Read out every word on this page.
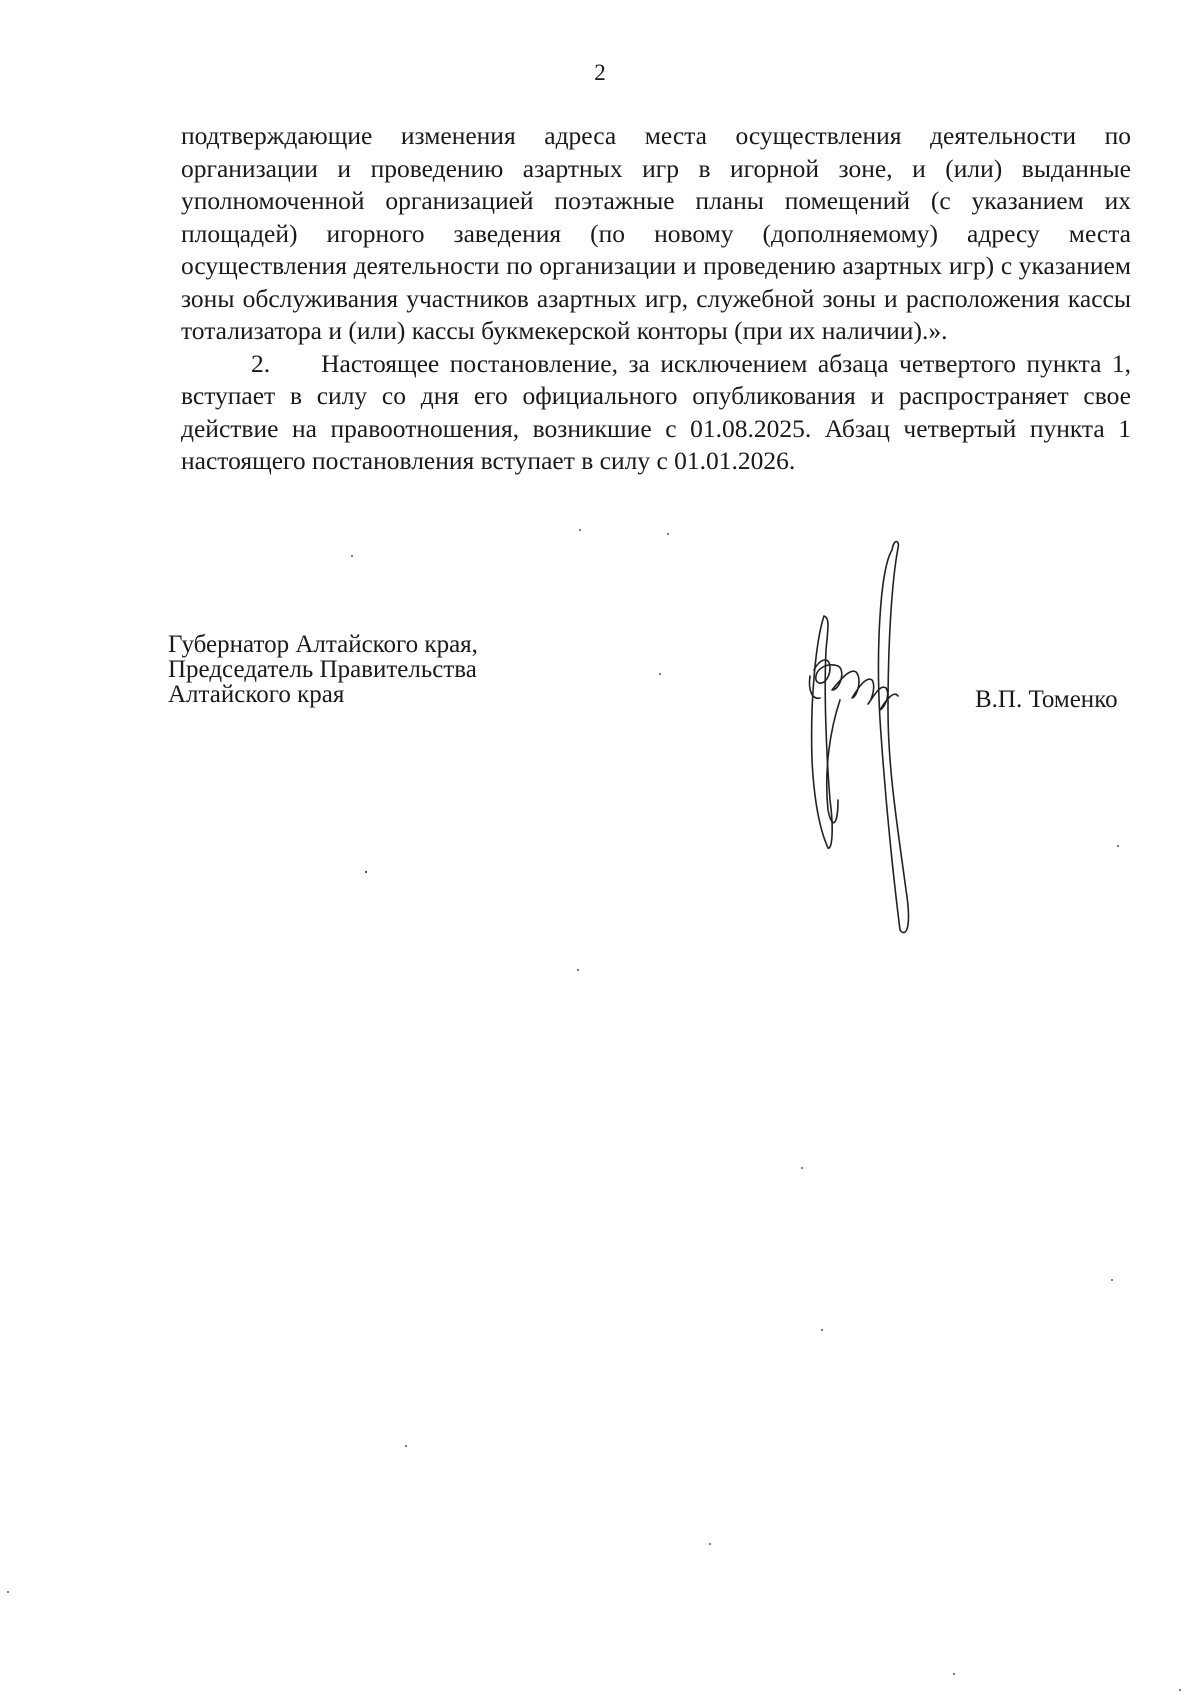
2

подтверждающие изменения адреса места осуществления деятельности по организации и проведению азартных игр в игорной зоне, и (или) выданные уполномоченной организацией поэтажные планы помещений (с указанием их площадей) игорного заведения (по новому (дополняемому) адресу места осуществления деятельности по организации и проведению азартных игр) с указанием зоны обслуживания участников азартных игр, служебной зоны и расположения кассы тотализатора и (или) кассы букмекерской конторы (при их наличии).».

2.  Настоящее постановление, за исключением абзаца четвертого пункта 1, вступает в силу со дня его официального опубликования и распространяет свое действие на правоотношения, возникшие с 01.08.2025. Абзац четвертый пункта 1 настоящего постановления вступает в силу с 01.01.2026.

Губернатор Алтайского края,
Председатель Правительства
Алтайского края	В.П. Томенко
